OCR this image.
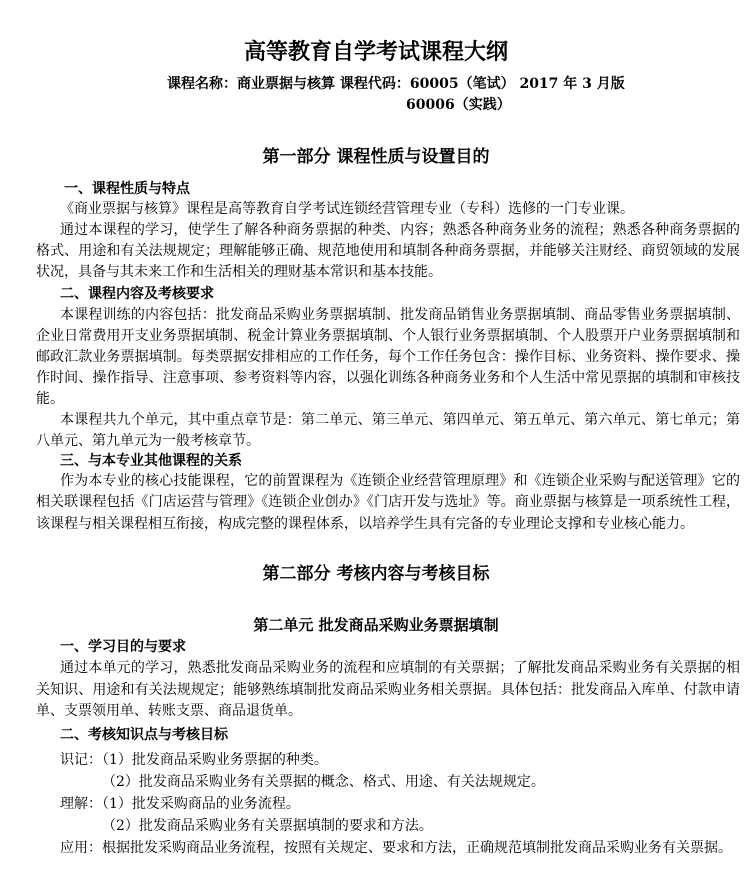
高等教育自学考试课程大纲
课程名称：商业票据与核算 课程代码：60005（笔试） 2017 年 3 月版
60006（实践）
第一部分 课程性质与设置目的
一、课程性质与特点
《商业票据与核算》课程是高等教育自学考试连锁经营管理专业（专科）选修的一门专业课。
通过本课程的学习，使学生了解各种商务票据的种类、内容；熟悉各种商务业务的流程；熟悉各种商务票据的
格式、用途和有关法规规定；理解能够正确、规范地使用和填制各种商务票据，并能够关注财经、商贸领域的发展
状况，具备与其未来工作和生活相关的理财基本常识和基本技能。
二、课程内容及考核要求
本课程训练的内容包括：批发商品采购业务票据填制、批发商品销售业务票据填制、商品零售业务票据填制、
企业日常费用开支业务票据填制、税金计算业务票据填制、个人银行业务票据填制、个人股票开户业务票据填制和
邮政汇款业务票据填制。每类票据安排相应的工作任务，每个工作任务包含：操作目标、业务资料、操作要求、操
作时间、操作指导、注意事项、参考资料等内容，以强化训练各种商务业务和个人生活中常见票据的填制和审核技
能。
本课程共九个单元，其中重点章节是：第二单元、第三单元、第四单元、第五单元、第六单元、第七单元；第
八单元、第九单元为一般考核章节。
三、与本专业其他课程的关系
作为本专业的核心技能课程，它的前置课程为《连锁企业经营管理原理》和《连锁企业采购与配送管理》它的
相关联课程包括《门店运营与管理》《连锁企业创办》《门店开发与选址》等。商业票据与核算是一项系统性工程，
该课程与相关课程相互衔接，构成完整的课程体系，以培养学生具有完备的专业理论支撑和专业核心能力。
第二部分 考核内容与考核目标
第二单元 批发商品采购业务票据填制
一、学习目的与要求
通过本单元的学习，熟悉批发商品采购业务的流程和应填制的有关票据；了解批发商品采购业务有关票据的相
关知识、用途和有关法规规定；能够熟练填制批发商品采购业务相关票据。具体包括：批发商品入库单、付款申请
单、支票领用单、转账支票、商品退货单。
二、考核知识点与考核目标
识记：（1）批发商品采购业务票据的种类。
（2）批发商品采购业务有关票据的概念、格式、用途、有关法规规定。
理解：（1）批发采购商品的业务流程。
（2）批发商品采购业务有关票据填制的要求和方法。
应用：根据批发采购商品业务流程，按照有关规定、要求和方法，正确规范填制批发商品采购业务有关票据。
